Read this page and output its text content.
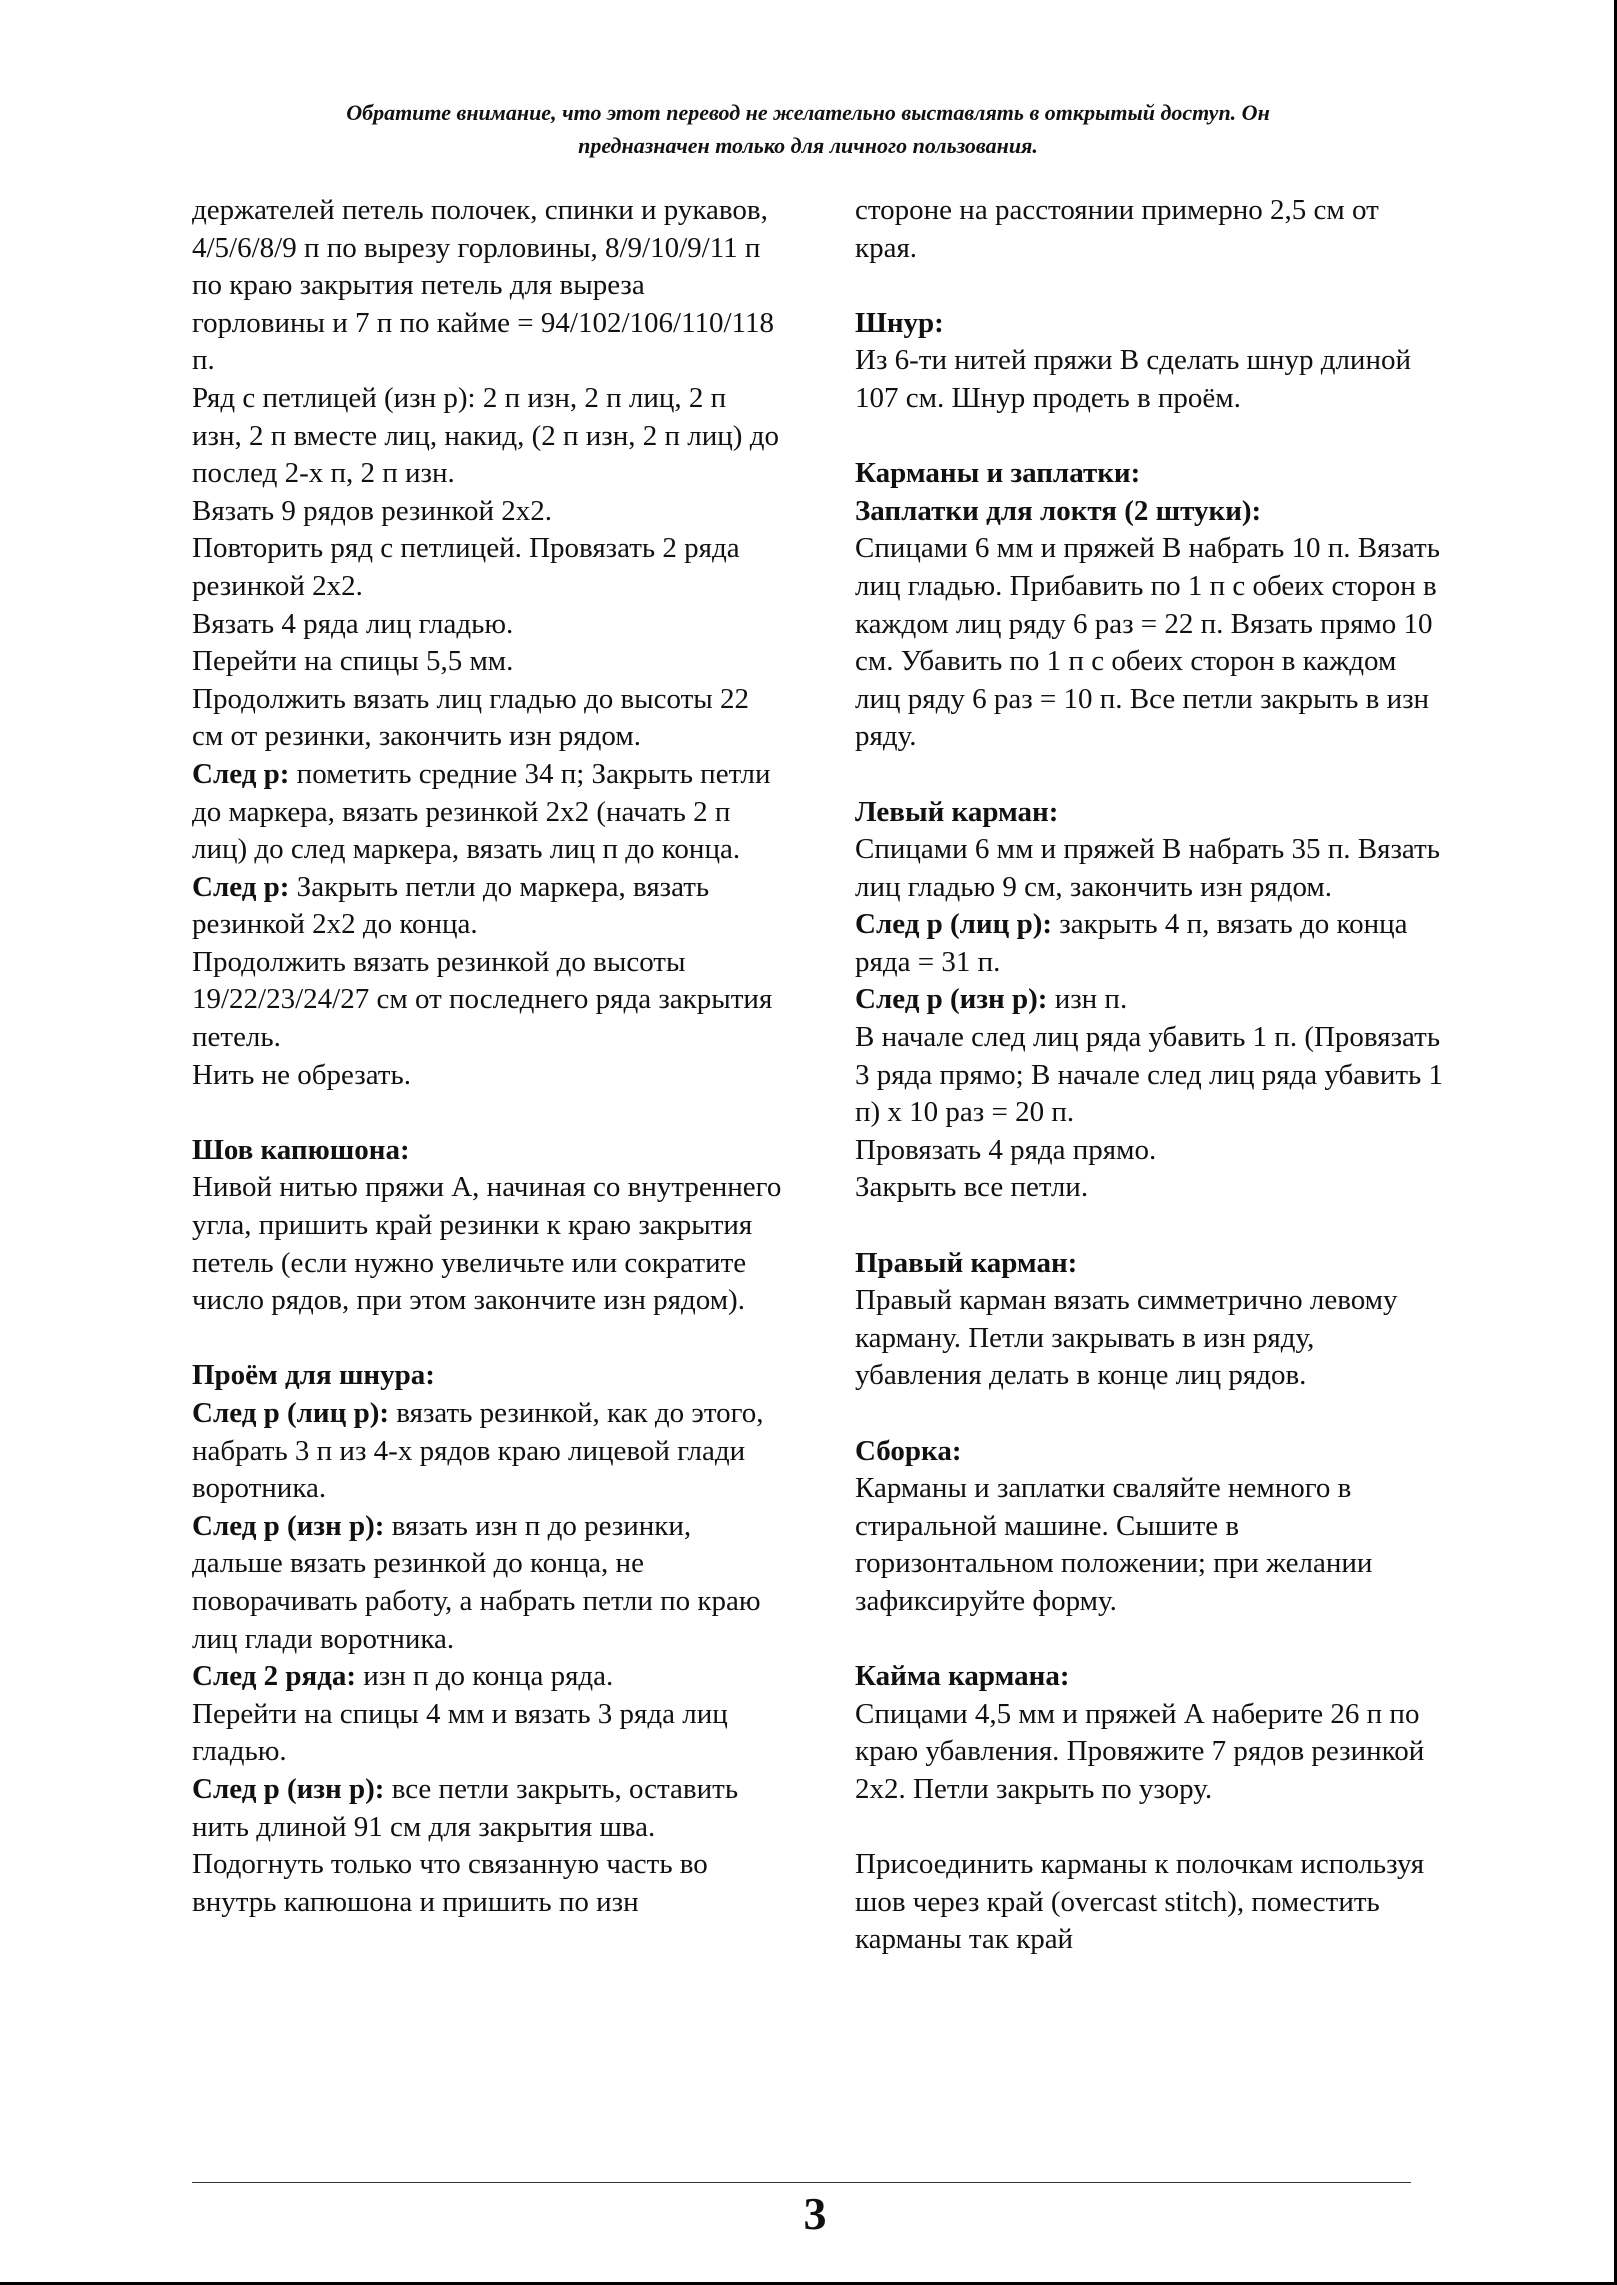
Обратите внимание, что этот перевод не желательно выставлять в открытый доступ. Он

предназначен только для личного пользования.

держателей петель полочек, спинки и рукавов, 4/5/6/8/9 п по вырезу горловины, 8/9/10/9/11 п по краю закрытия петель для выреза горловины и 7 п по кайме = 94/102/106/110/118 п.

Ряд с петлицей (изн р): 2 п изн, 2 п лиц, 2 п изн, 2 п вместе лиц, накид, (2 п изн, 2 п лиц) до послед 2-х п, 2 п изн.

Вязать 9 рядов резинкой 2х2.

Повторить ряд с петлицей. Провязать 2 ряда резинкой 2х2.

Вязать 4 ряда лиц гладью.

Перейти на спицы 5,5 мм.

Продолжить вязать лиц гладью до высоты 22 см от резинки, закончить изн рядом.

След р: пометить средние 34 п; Закрыть петли до маркера, вязать резинкой 2х2 (начать 2 п лиц) до след маркера, вязать лиц п до конца.

След р: Закрыть петли до маркера, вязать резинкой 2х2 до конца.

Продолжить вязать резинкой до высоты 19/22/23/24/27 см от последнего ряда закрытия петель.

Нить не обрезать.

Шов капюшона:

Нивой нитью пряжи А, начиная со внутреннего угла, пришить край резинки к краю закрытия петель (если нужно увеличьте или сократите число рядов, при этом закончите изн рядом).

Проём для шнура:

След р (лиц р): вязать резинкой, как до этого, набрать 3 п из 4-х рядов краю лицевой глади воротника.

След р (изн р): вязать изн п до резинки, дальше вязать резинкой до конца, не поворачивать работу, а набрать петли по краю лиц глади воротника.

След 2 ряда: изн п до конца ряда.

Перейти на спицы 4 мм и вязать 3 ряда лиц гладью.

След р (изн р): все петли закрыть, оставить нить длиной 91 см для закрытия шва.

Подогнуть только что связанную часть во внутрь капюшона и пришить по изн

стороне на расстоянии примерно 2,5 см от края.

Шнур:

Из 6-ти нитей пряжи В сделать шнур длиной 107 см. Шнур продеть в проём.

Карманы и заплатки:

Заплатки для локтя (2 штуки):

Спицами 6 мм и пряжей В набрать 10 п. Вязать лиц гладью. Прибавить по 1 п с обеих сторон в каждом лиц ряду 6 раз = 22 п. Вязать прямо 10 см. Убавить по 1 п с обеих сторон в каждом лиц ряду 6 раз = 10 п. Все петли закрыть в изн ряду.

Левый карман:

Спицами 6 мм и пряжей В набрать 35 п. Вязать лиц гладью 9 см, закончить изн рядом.

След р (лиц р): закрыть 4 п, вязать до конца ряда = 31 п.

След р (изн р): изн п.

В начале след лиц ряда убавить 1 п. (Провязать 3 ряда прямо; В начале след лиц ряда убавить 1 п) х 10 раз = 20 п.

Провязать 4 ряда прямо.

Закрыть все петли.

Правый карман:

Правый карман вязать симметрично левому карману. Петли закрывать в изн ряду, убавления делать в конце лиц рядов.

Сборка:

Карманы и заплатки сваляйте немного в стиральной машине. Сышите в горизонтальном положении; при желании зафиксируйте форму.

Кайма кармана:

Спицами 4,5 мм и пряжей А наберите 26 п по краю убавления. Провяжите 7 рядов резинкой 2х2. Петли закрыть по узору.

Присоединить карманы к полочкам используя шов через край (overcast stitch), поместить карманы так край

3
